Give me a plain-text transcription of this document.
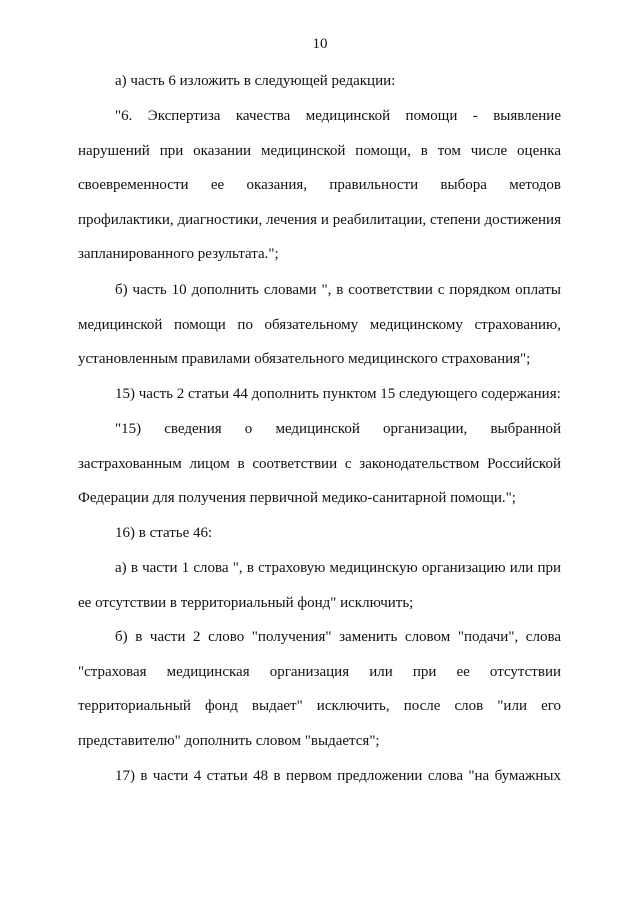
10

а) часть 6 изложить в следующей редакции:

"6. Экспертиза качества медицинской помощи - выявление нарушений при оказании медицинской помощи, в том числе оценка своевременности ее оказания, правильности выбора методов профилактики, диагностики, лечения и реабилитации, степени достижения запланированного результата.";

б) часть 10 дополнить словами ", в соответствии с порядком оплаты медицинской помощи по обязательному медицинскому страхованию, установленным правилами обязательного медицинского страхования";

15) часть 2 статьи 44 дополнить пунктом 15 следующего содержания:

"15) сведения о медицинской организации, выбранной застрахованным лицом в соответствии с законодательством Российской Федерации для получения первичной медико-санитарной помощи.";

16) в статье 46:

а) в части 1 слова ", в страховую медицинскую организацию или при ее отсутствии в территориальный фонд" исключить;

б) в части 2 слово "получения" заменить словом "подачи", слова "страховая медицинская организация или при ее отсутствии территориальный фонд выдает" исключить, после слов "или его представителю" дополнить словом "выдается";

17) в части 4 статьи 48 в первом предложении слова "на бумажных
